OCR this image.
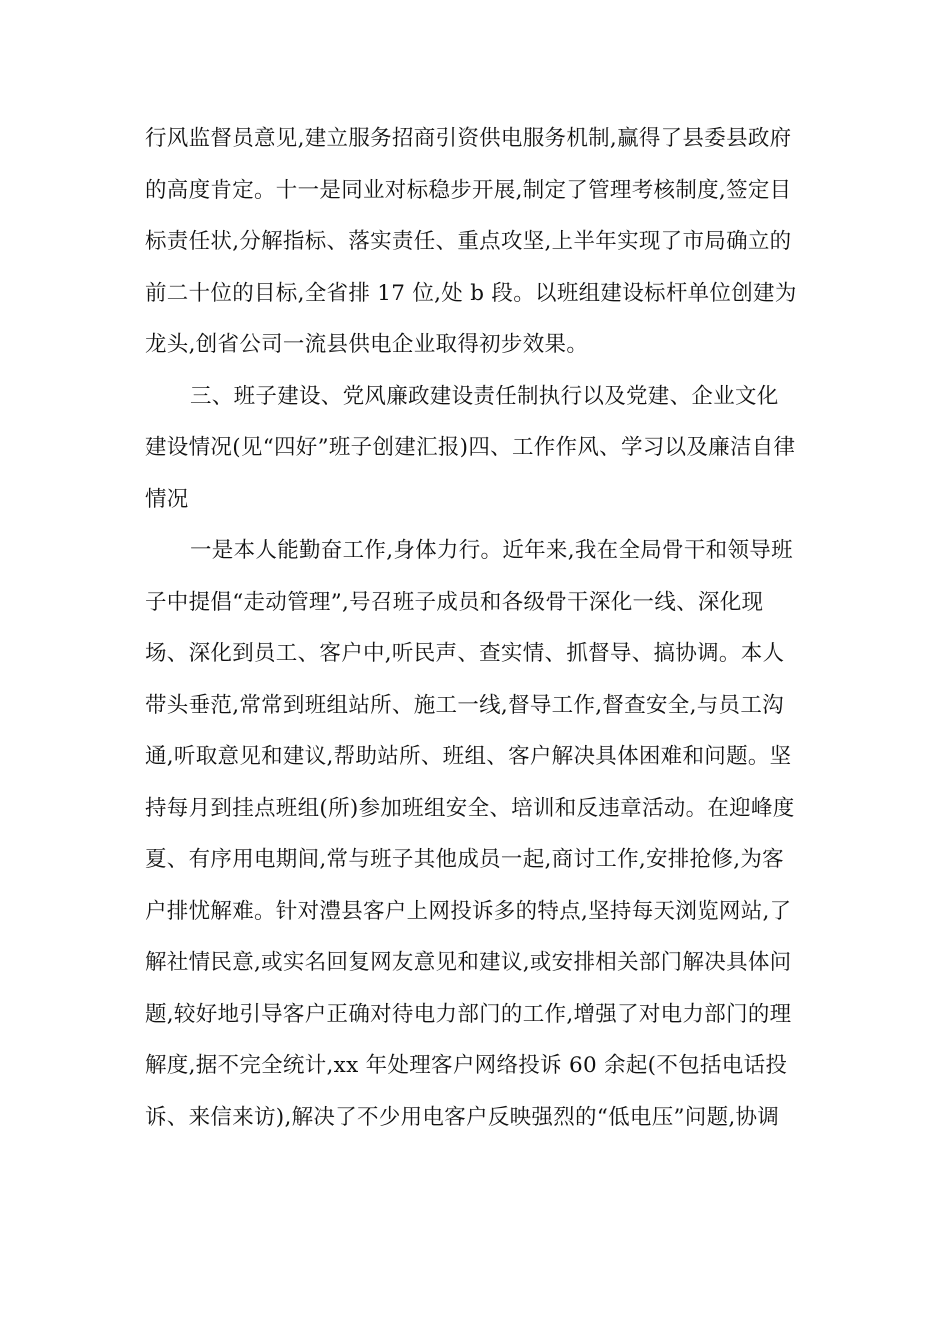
行风监督员意见,建立服务招商引资供电服务机制,赢得了县委县政府
的高度肯定。十一是同业对标稳步开展,制定了管理考核制度,签定目
标责任状,分解指标、落实责任、重点攻坚,上半年实现了市局确立的
前二十位的目标,全省排 17 位,处 b 段。以班组建设标杆单位创建为
龙头,创省公司一流县供电企业取得初步效果。
三、班子建设、党风廉政建设责任制执行以及党建、企业文化
建设情况(见“四好”班子创建汇报)四、工作作风、学习以及廉洁自律
情况
一是本人能勤奋工作,身体力行。近年来,我在全局骨干和领导班
子中提倡“走动管理”,号召班子成员和各级骨干深化一线、深化现
场、深化到员工、客户中,听民声、查实情、抓督导、搞协调。本人
带头垂范,常常到班组站所、施工一线,督导工作,督查安全,与员工沟
通,听取意见和建议,帮助站所、班组、客户解决具体困难和问题。坚
持每月到挂点班组(所)参加班组安全、培训和反违章活动。在迎峰度
夏、有序用电期间,常与班子其他成员一起,商讨工作,安排抢修,为客
户排忧解难。针对澧县客户上网投诉多的特点,坚持每天浏览网站,了
解社情民意,或实名回复网友意见和建议,或安排相关部门解决具体问
题,较好地引导客户正确对待电力部门的工作,增强了对电力部门的理
解度,据不完全统计,xx 年处理客户网络投诉 60 余起(不包括电话投
诉、来信来访),解决了不少用电客户反映强烈的“低电压”问题,协调
